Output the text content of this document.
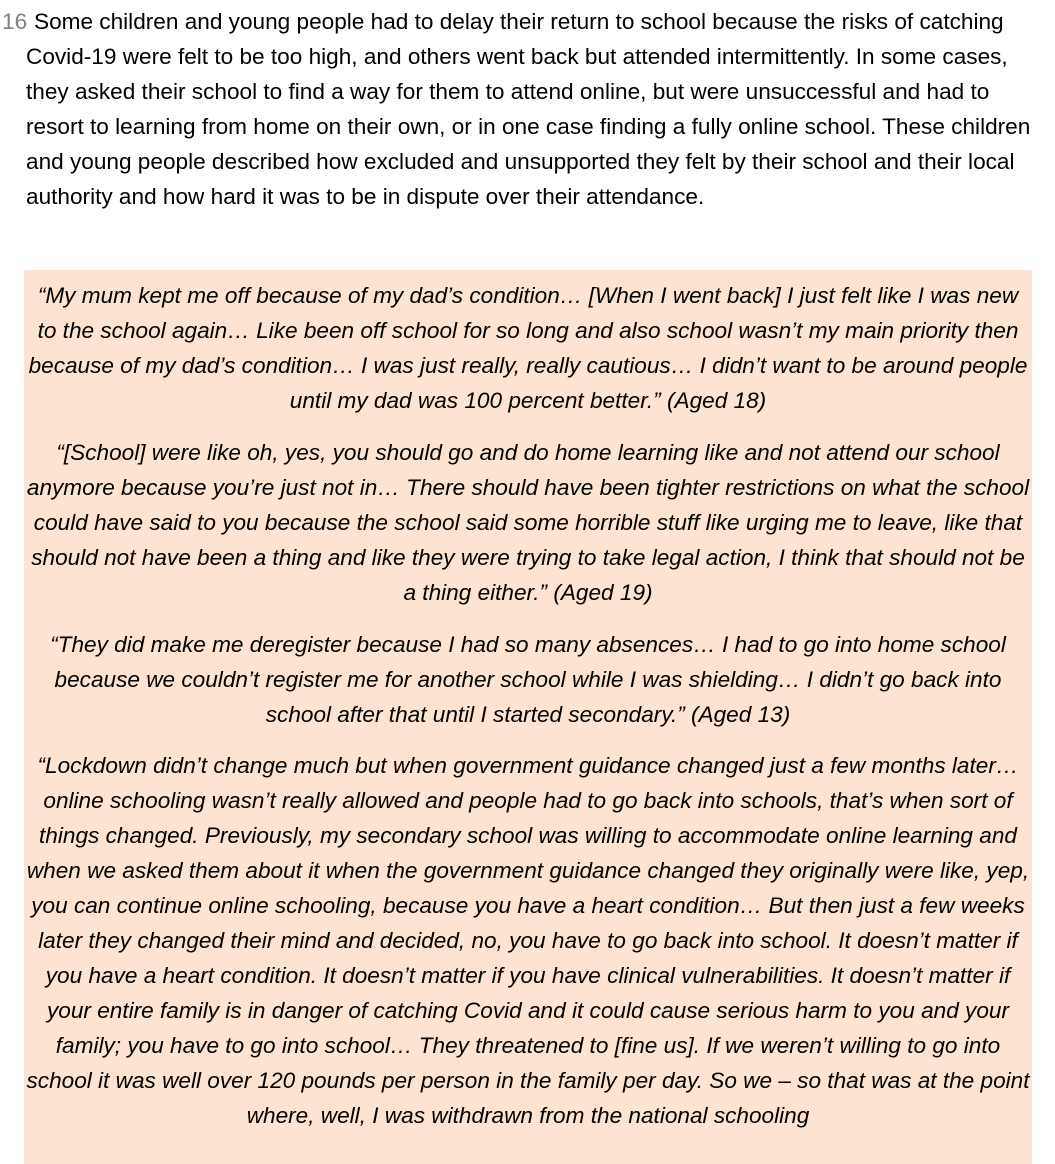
16 Some children and young people had to delay their return to school because the risks of catching Covid-19 were felt to be too high, and others went back but attended intermittently. In some cases, they asked their school to find a way for them to attend online, but were unsuccessful and had to resort to learning from home on their own, or in one case finding a fully online school. These children and young people described how excluded and unsupported they felt by their school and their local authority and how hard it was to be in dispute over their attendance.

“My mum kept me off because of my dad’s condition… [When I went back] I just felt like I was new to the school again… Like been off school for so long and also school wasn’t my main priority then because of my dad’s condition… I was just really, really cautious… I didn’t want to be around people until my dad was 100 percent better.” (Aged 18)

“[School] were like oh, yes, you should go and do home learning like and not attend our school anymore because you’re just not in… There should have been tighter restrictions on what the school could have said to you because the school said some horrible stuff like urging me to leave, like that should not have been a thing and like they were trying to take legal action, I think that should not be a thing either.” (Aged 19)

“They did make me deregister because I had so many absences… I had to go into home school because we couldn’t register me for another school while I was shielding… I didn’t go back into school after that until I started secondary.” (Aged 13)

“Lockdown didn’t change much but when government guidance changed just a few months later… online schooling wasn’t really allowed and people had to go back into schools, that’s when sort of things changed. Previously, my secondary school was willing to accommodate online learning and when we asked them about it when the government guidance changed they originally were like, yep, you can continue online schooling, because you have a heart condition… But then just a few weeks later they changed their mind and decided, no, you have to go back into school. It doesn’t matter if you have a heart condition. It doesn’t matter if you have clinical vulnerabilities. It doesn’t matter if your entire family is in danger of catching Covid and it could cause serious harm to you and your family; you have to go into school… They threatened to [fine us]. If we weren’t willing to go into school it was well over 120 pounds per person in the family per day. So we – so that was at the point where, well, I was withdrawn from the national schooling
